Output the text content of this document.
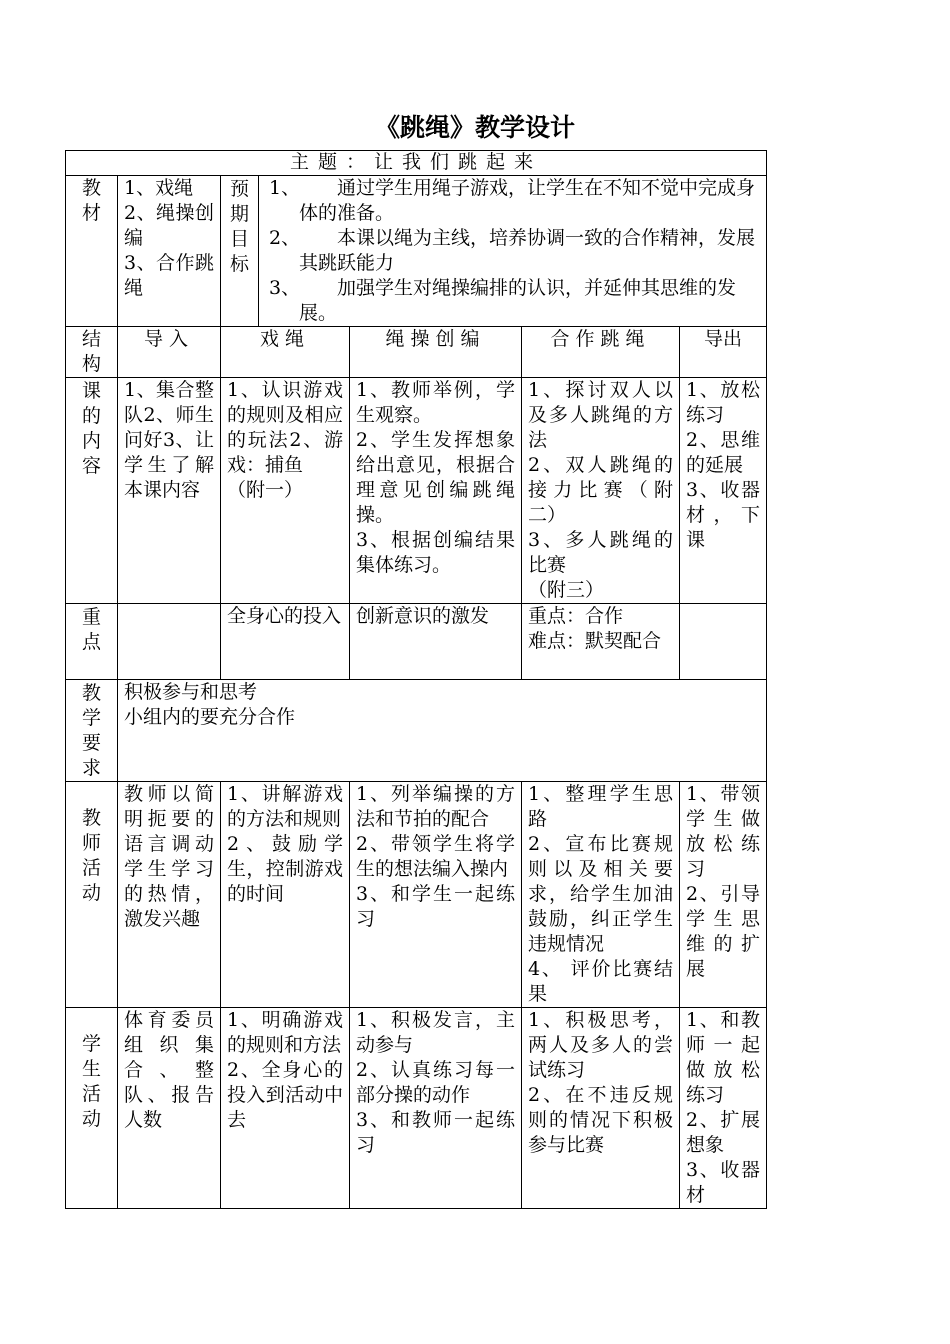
《跳绳》教学设计
主题：让我们跳起来						

教材	1、戏绳
2、绳操创编
3、合作跳绳	预期目标	1、 通过学生用绳子游戏，让学生在不知不觉中完成身体的准备。
2、 本课以绳为主线，培养协调一致的合作精神，发展其跳跃能力
3、 加强学生对绳操编排的认识，并延伸其思维的发展。			

结构	导入	戏绳		绳操创编	合作跳绳	导出

课的内容	1、集合整队2、师生问好3、让学生了解本课内容	1、认识游戏的规则及相应的玩法2、游戏：捕鱼
（附一）		1、教师举例，学生观察。
2、学生发挥想象给出意见，根据合理意见创编跳绳操。
3、根据创编结果集体练习。	1、探讨双人以及多人跳绳的方法
2、双人跳绳的接力比赛（附二）
3、多人跳绳的比赛
（附三）	1、放松练习
2、思维的延展
3、收器材，下课

重点		全身心的投入		创新意识的激发	重点：合作
难点：默契配合	

教学要求	积极参与和思考
小组内的要充分合作					

教师活动	教师以简明扼要的语言调动学生学习的热情，激发兴趣	1、讲解游戏的方法和规则
2、鼓励学生，控制游戏的时间		1、列举编操的方法和节拍的配合
2、带领学生将学生的想法编入操内
3、和学生一起练习	1、整理学生思路
2、宣布比赛规则以及相关要求，给学生加油鼓励，纠正学生违规情况
4、 评价比赛结果	1、带领学生做放松练习
2、引导学生思维的扩展

学生活动	体育委员组织集合、整队、报告人数	1、明确游戏的规则和方法
2、全身心的投入到活动中去		1、积极发言，主动参与
2、认真练习每一部分操的动作
3、和教师一起练习	1、积极思考，两人及多人的尝试练习
2、在不违反规则的情况下积极参与比赛	1、和教师一起做放松练习
2、扩展想象
3、收器材
